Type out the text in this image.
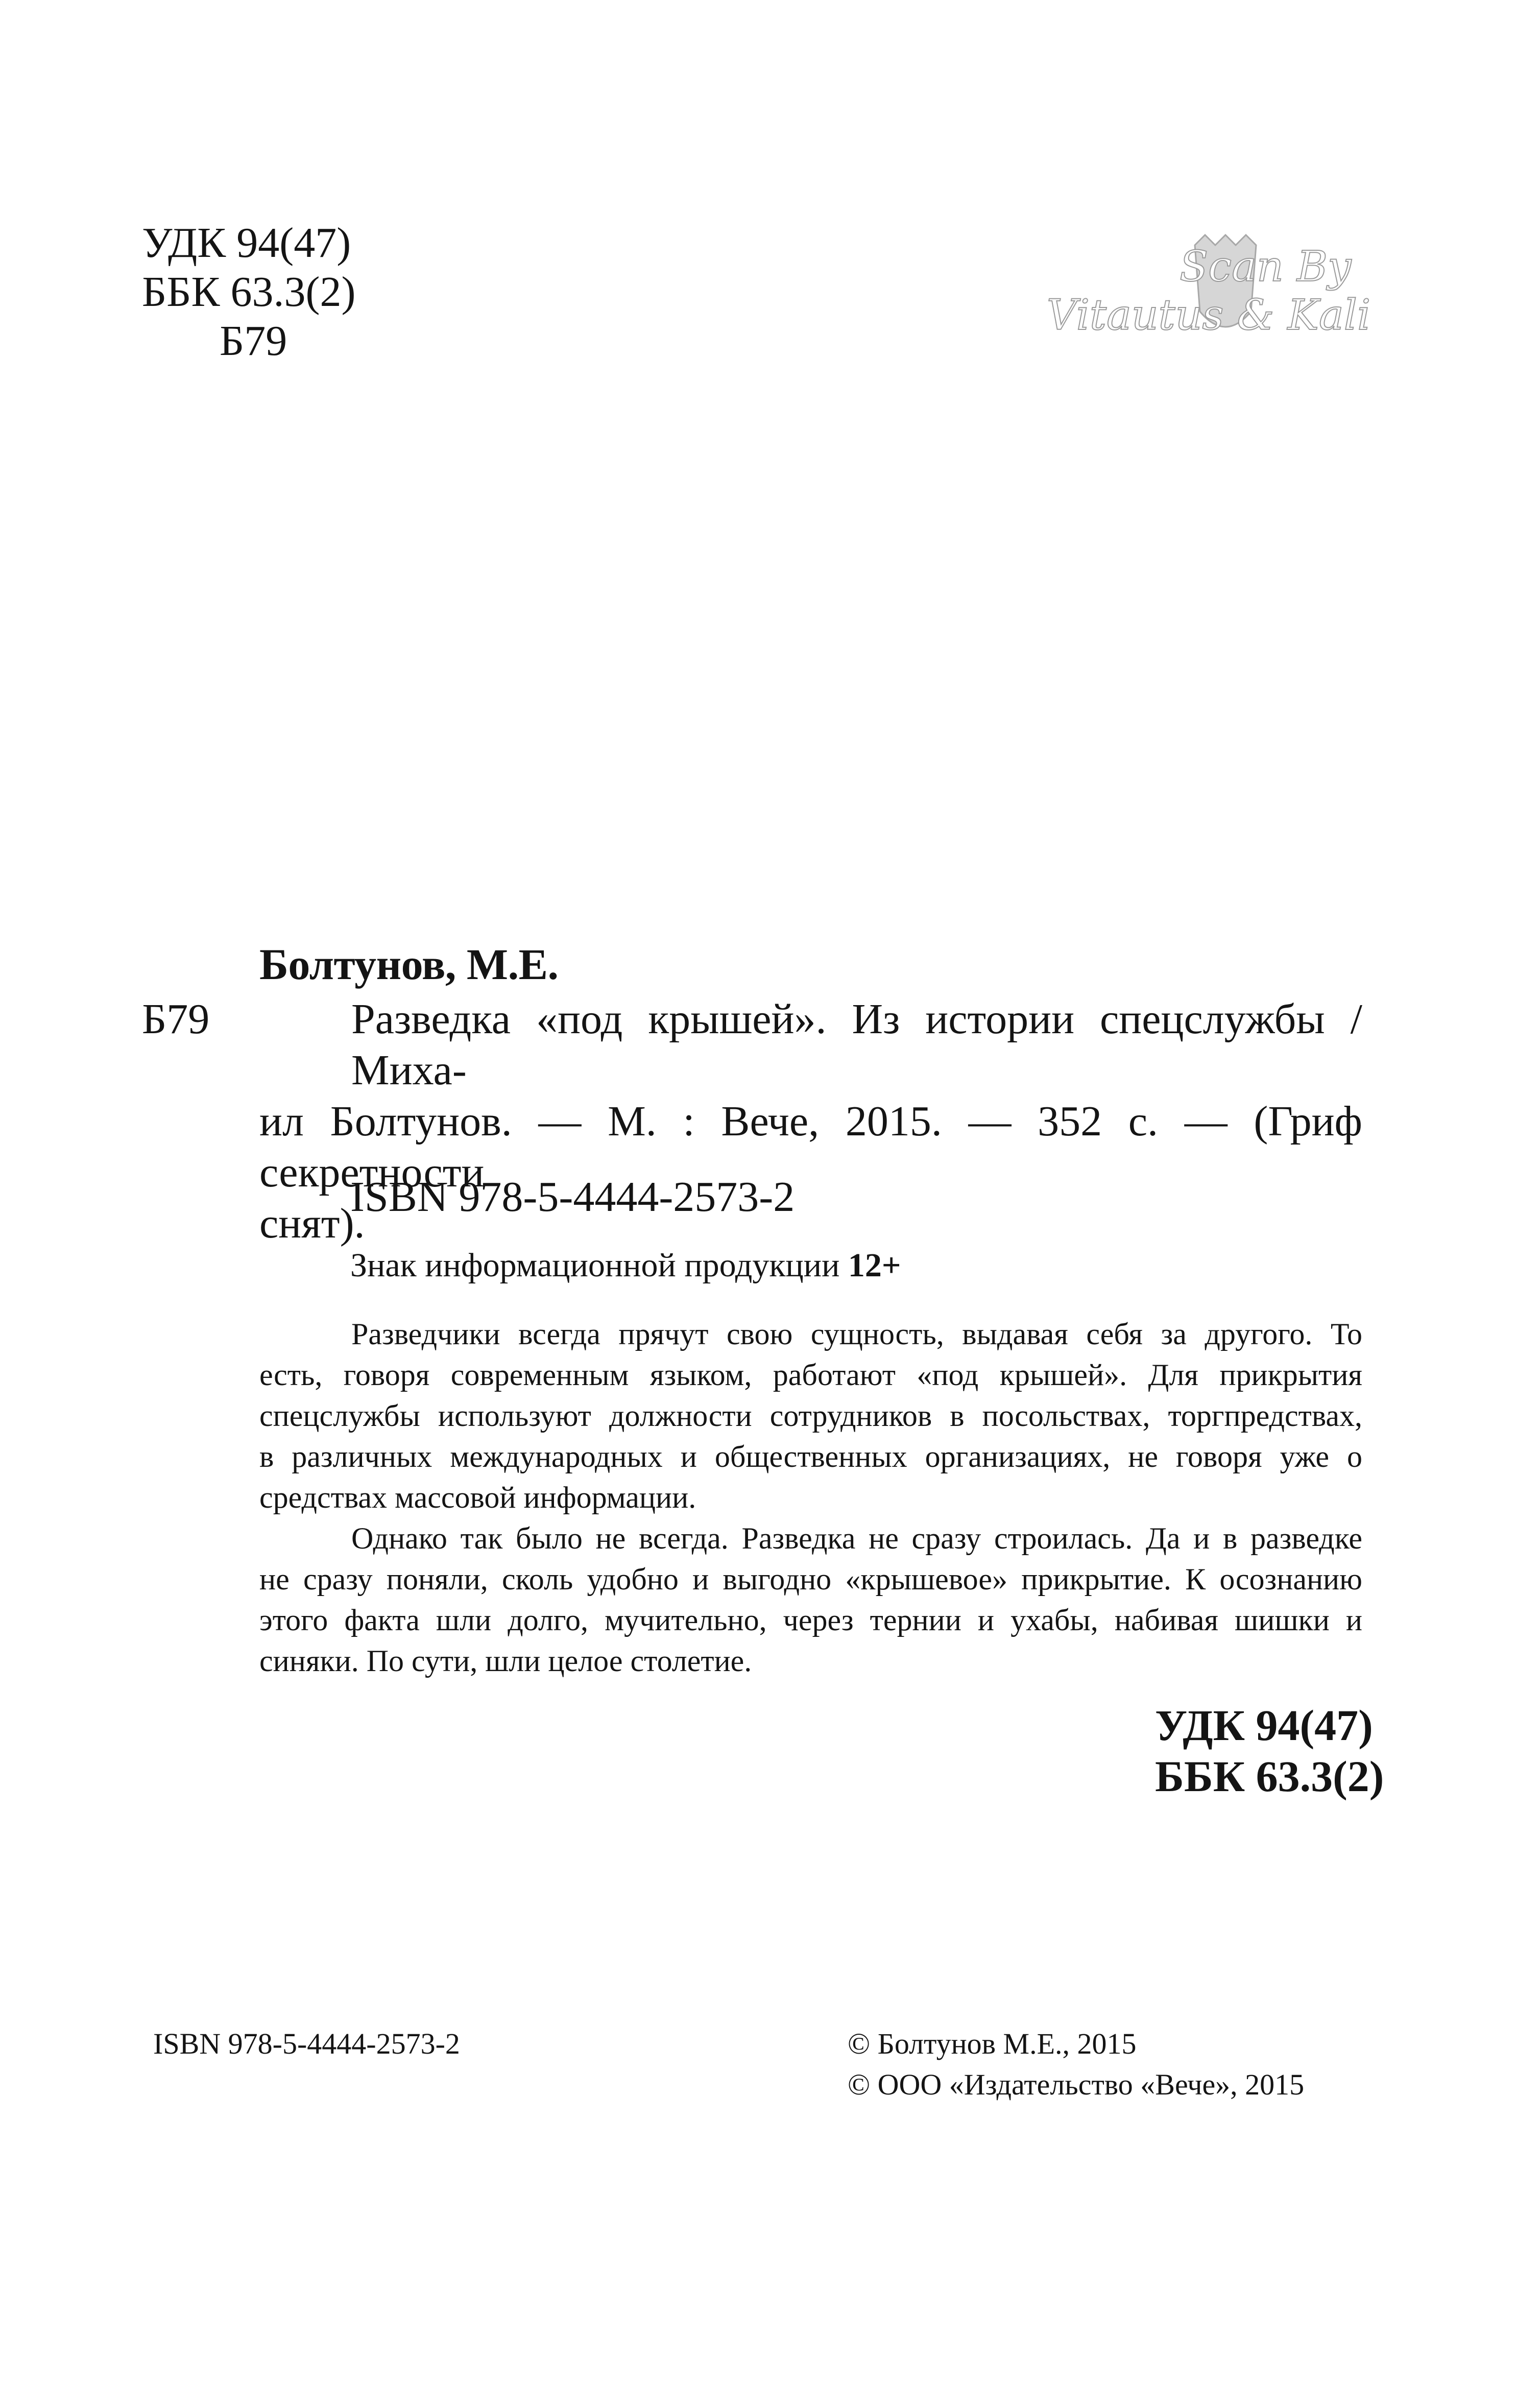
УДК 94(47)
ББК 63.3(2)
Б79
Scan By
Vitautus & Kali
Болтунов, М.Е.
Б79	Разведка «под крышей». Из истории спецслужбы / Миха-
ил Болтунов. — М. : Вече, 2015. — 352 с. — (Гриф секретности
снят).
ISBN 978-5-4444-2573-2
Знак информационной продукции 12+
Разведчики всегда прячут свою сущность, выдавая себя за другого. То
есть, говоря современным языком, работают «под крышей». Для прикрытия
спецслужбы используют должности сотрудников в посольствах, торгпредствах,
в различных международных и общественных организациях, не говоря уже о
средствах массовой информации.
Однако так было не всегда. Разведка не сразу строилась. Да и в разведке
не сразу поняли, сколь удобно и выгодно «крышевое» прикрытие. К осознанию
этого факта шли долго, мучительно, через тернии и ухабы, набивая шишки и
синяки. По сути, шли целое столетие.
УДК 94(47)
ББК 63.3(2)
ISBN 978-5-4444-2573-2	© Болтунов М.Е., 2015
© ООО «Издательство «Вече», 2015
